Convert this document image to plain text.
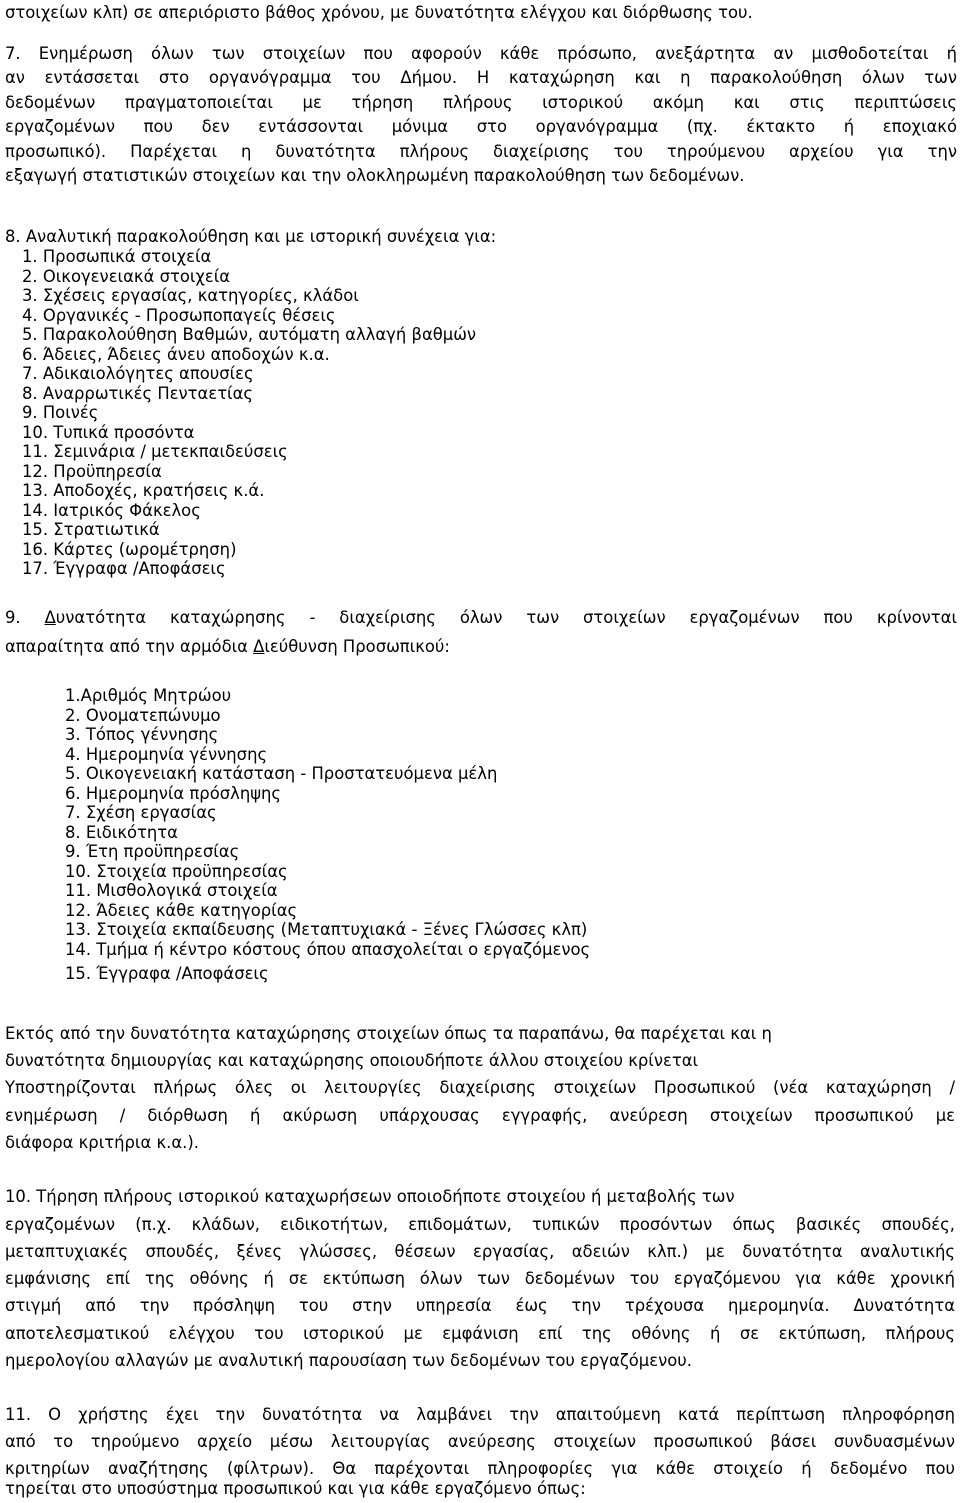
στοιχείων κλπ) σε απεριόριστο βάθος χρόνου, με δυνατότητα ελέγχου και διόρθωσης του.
7. Ενημέρωση όλων των στοιχείων που αφορούν κάθε πρόσωπο, ανεξάρτητα αν μισθοδοτείται ή
αν εντάσσεται στο οργανόγραμμα του Δήμου. Η καταχώρηση και η παρακολούθηση όλων των
δεδομένων πραγματοποιείται με τήρηση πλήρους ιστορικού ακόμη και στις περιπτώσεις
εργαζομένων που δεν εντάσσονται μόνιμα στο οργανόγραμμα (πχ. έκτακτο ή εποχιακό
προσωπικό). Παρέχεται η δυνατότητα πλήρους διαχείρισης του τηρούμενου αρχείου για την
εξαγωγή στατιστικών στοιχείων και την ολοκληρωμένη παρακολούθηση των δεδομένων.
8. Αναλυτική παρακολούθηση και με ιστορική συνέχεια για:
1. Προσωπικά στοιχεία
2. Οικογενειακά στοιχεία
3. Σχέσεις εργασίας, κατηγορίες, κλάδοι
4. Οργανικές - Προσωποπαγείς θέσεις
5. Παρακολούθηση Βαθμών, αυτόματη αλλαγή βαθμών
6. Άδειες, Άδειες άνευ αποδοχών κ.α.
7. Αδικαιολόγητες απουσίες
8. Αναρρωτικές Πενταετίας
9. Ποινές
10. Τυπικά προσόντα
11. Σεμινάρια / μετεκπαιδεύσεις
12. Προϋπηρεσία
13. Αποδοχές, κρατήσεις κ.ά.
14. Ιατρικός Φάκελος
15. Στρατιωτικά
16. Κάρτες (ωρομέτρηση)
17. Έγγραφα /Αποφάσεις
9. Δυνατότητα καταχώρησης - διαχείρισης όλων των στοιχείων εργαζομένων που κρίνονται
απαραίτητα από την αρμόδια Διεύθυνση Προσωπικού:
1.Αριθμός Μητρώου
2. Ονοματεπώνυμο
3. Τόπος γέννησης
4. Ημερομηνία γέννησης
5. Οικογενειακή κατάσταση - Προστατευόμενα μέλη
6. Ημερομηνία πρόσληψης
7. Σχέση εργασίας
8. Ειδικότητα
9. Έτη προϋπηρεσίας
10. Στοιχεία προϋπηρεσίας
11. Μισθολογικά στοιχεία
12. Άδειες κάθε κατηγορίας
13. Στοιχεία εκπαίδευσης (Μεταπτυχιακά - Ξένες Γλώσσες κλπ)
14. Τμήμα ή κέντρο κόστους όπου απασχολείται ο εργαζόμενος
15. Έγγραφα /Αποφάσεις
Εκτός από την δυνατότητα καταχώρησης στοιχείων όπως τα παραπάνω, θα παρέχεται και η
δυνατότητα δημιουργίας και καταχώρησης οποιουδήποτε άλλου στοιχείου κρίνεται
Υποστηρίζονται πλήρως όλες οι λειτουργίες διαχείρισης στοιχείων Προσωπικού (νέα καταχώρηση /
ενημέρωση / διόρθωση ή ακύρωση υπάρχουσας εγγραφής, ανεύρεση στοιχείων προσωπικού με
διάφορα κριτήρια κ.α.).
10. Τήρηση πλήρους ιστορικού καταχωρήσεων οποιοδήποτε στοιχείου ή μεταβολής των
εργαζομένων (π.χ. κλάδων, ειδικοτήτων, επιδομάτων, τυπικών προσόντων όπως βασικές σπουδές,
μεταπτυχιακές σπουδές, ξένες γλώσσες, θέσεων εργασίας, αδειών κλπ.) με δυνατότητα αναλυτικής
εμφάνισης επί της οθόνης ή σε εκτύπωση όλων των δεδομένων του εργαζόμενου για κάθε χρονική
στιγμή από την πρόσληψη του στην υπηρεσία έως την τρέχουσα ημερομηνία. Δυνατότητα
αποτελεσματικού ελέγχου του ιστορικού με εμφάνιση επί της οθόνης ή σε εκτύπωση, πλήρους
ημερολογίου αλλαγών με αναλυτική παρουσίαση των δεδομένων του εργαζόμενου.
11. Ο χρήστης έχει την δυνατότητα να λαμβάνει την απαιτούμενη κατά περίπτωση πληροφόρηση
από το τηρούμενο αρχείο μέσω λειτουργίας ανεύρεσης στοιχείων προσωπικού βάσει συνδυασμένων
κριτηρίων αναζήτησης (φίλτρων). Θα παρέχονται πληροφορίες για κάθε στοιχείο ή δεδομένο που
τηρείται στο υποσύστημα προσωπικού και για κάθε εργαζόμενο όπως:
